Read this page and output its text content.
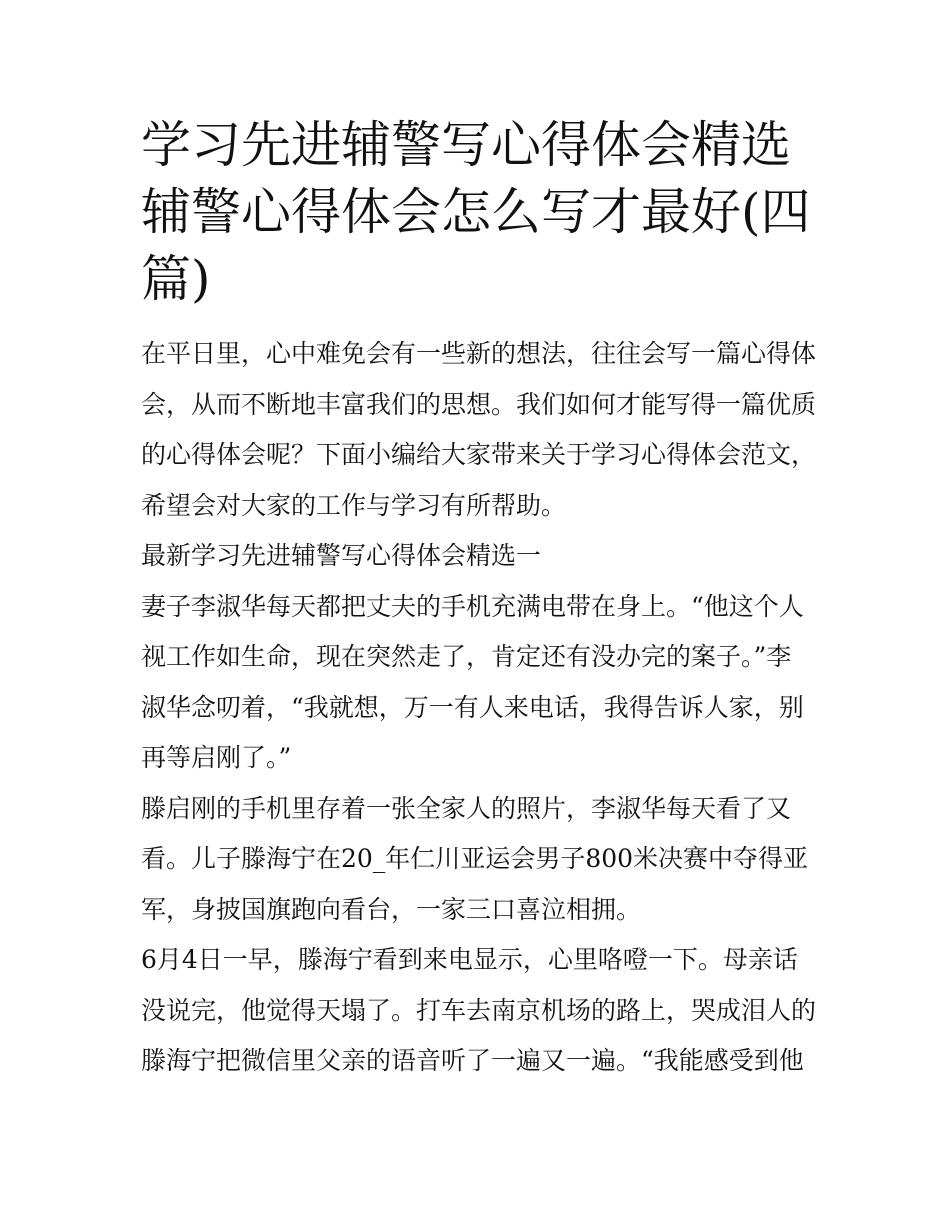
学习先进辅警写心得体会精选
辅警心得体会怎么写才最好(四
篇)

在平日里，心中难免会有一些新的想法，往往会写一篇心得体
会，从而不断地丰富我们的思想。我们如何才能写得一篇优质
的心得体会呢？下面小编给大家带来关于学习心得体会范文，
希望会对大家的工作与学习有所帮助。

最新学习先进辅警写心得体会精选一

妻子李淑华每天都把丈夫的手机充满电带在身上。“他这个人
视工作如生命，现在突然走了，肯定还有没办完的案子。”李
淑华念叨着，“我就想，万一有人来电话，我得告诉人家，别
再等启刚了。”

滕启刚的手机里存着一张全家人的照片，李淑华每天看了又
看。儿子滕海宁在20_年仁川亚运会男子800米决赛中夺得亚
军，身披国旗跑向看台，一家三口喜泣相拥。

6月4日一早，滕海宁看到来电显示，心里咯噔一下。母亲话
没说完，他觉得天塌了。打车去南京机场的路上，哭成泪人的
滕海宁把微信里父亲的语音听了一遍又一遍。“我能感受到他
